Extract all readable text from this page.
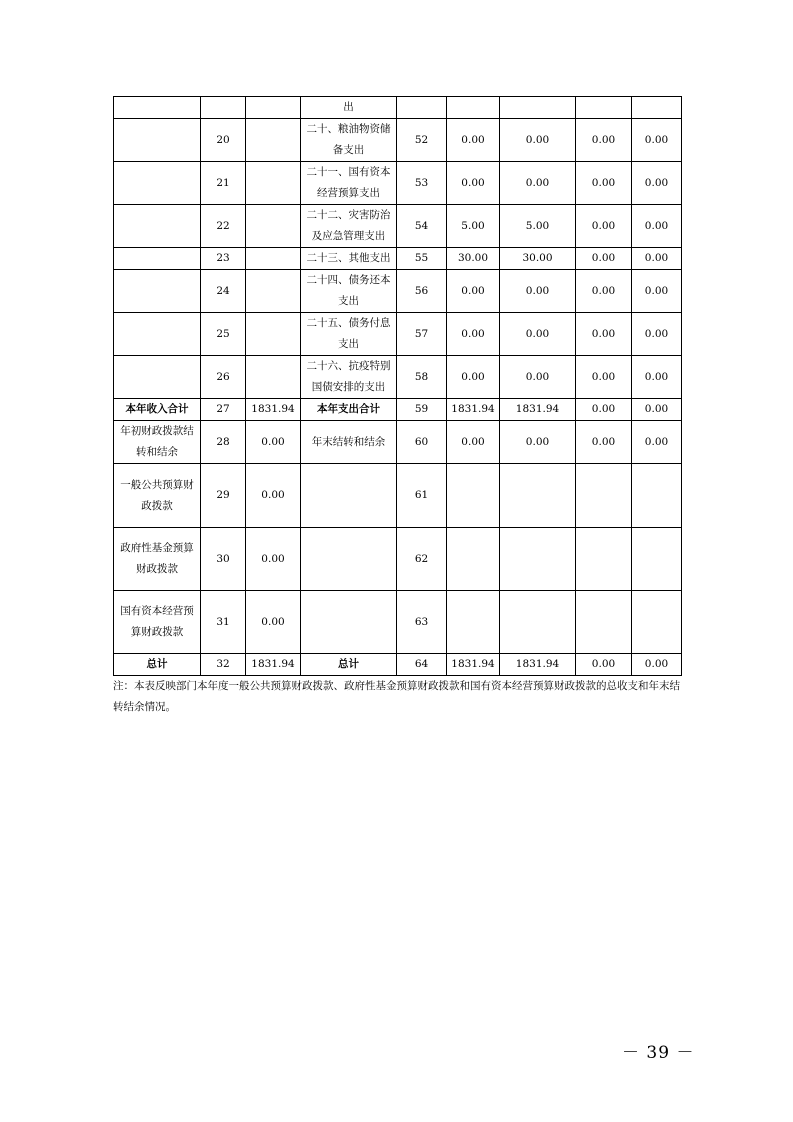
			出					
	20		二十、粮油物资储备支出	52	0.00	0.00	0.00	0.00
	21		二十一、国有资本经营预算支出	53	0.00	0.00	0.00	0.00
	22		二十二、灾害防治及应急管理支出	54	5.00	5.00	0.00	0.00
	23		二十三、其他支出	55	30.00	30.00	0.00	0.00
	24		二十四、债务还本支出	56	0.00	0.00	0.00	0.00
	25		二十五、债务付息支出	57	0.00	0.00	0.00	0.00
	26		二十六、抗疫特别国债安排的支出	58	0.00	0.00	0.00	0.00
本年收入合计	27	1831.94	本年支出合计	59	1831.94	1831.94	0.00	0.00
年初财政拨款结转和结余	28	0.00	年末结转和结余	60	0.00	0.00	0.00	0.00
一般公共预算财政拨款	29	0.00		61				
政府性基金预算财政拨款	30	0.00		62				
国有资本经营预算财政拨款	31	0.00		63				
总计	32	1831.94	总计	64	1831.94	1831.94	0.00	0.00
注：本表反映部门本年度一般公共预算财政拨款、政府性基金预算财政拨款和国有资本经营预算财政拨款的总收支和年末结转结余情况。
－ 39 －
